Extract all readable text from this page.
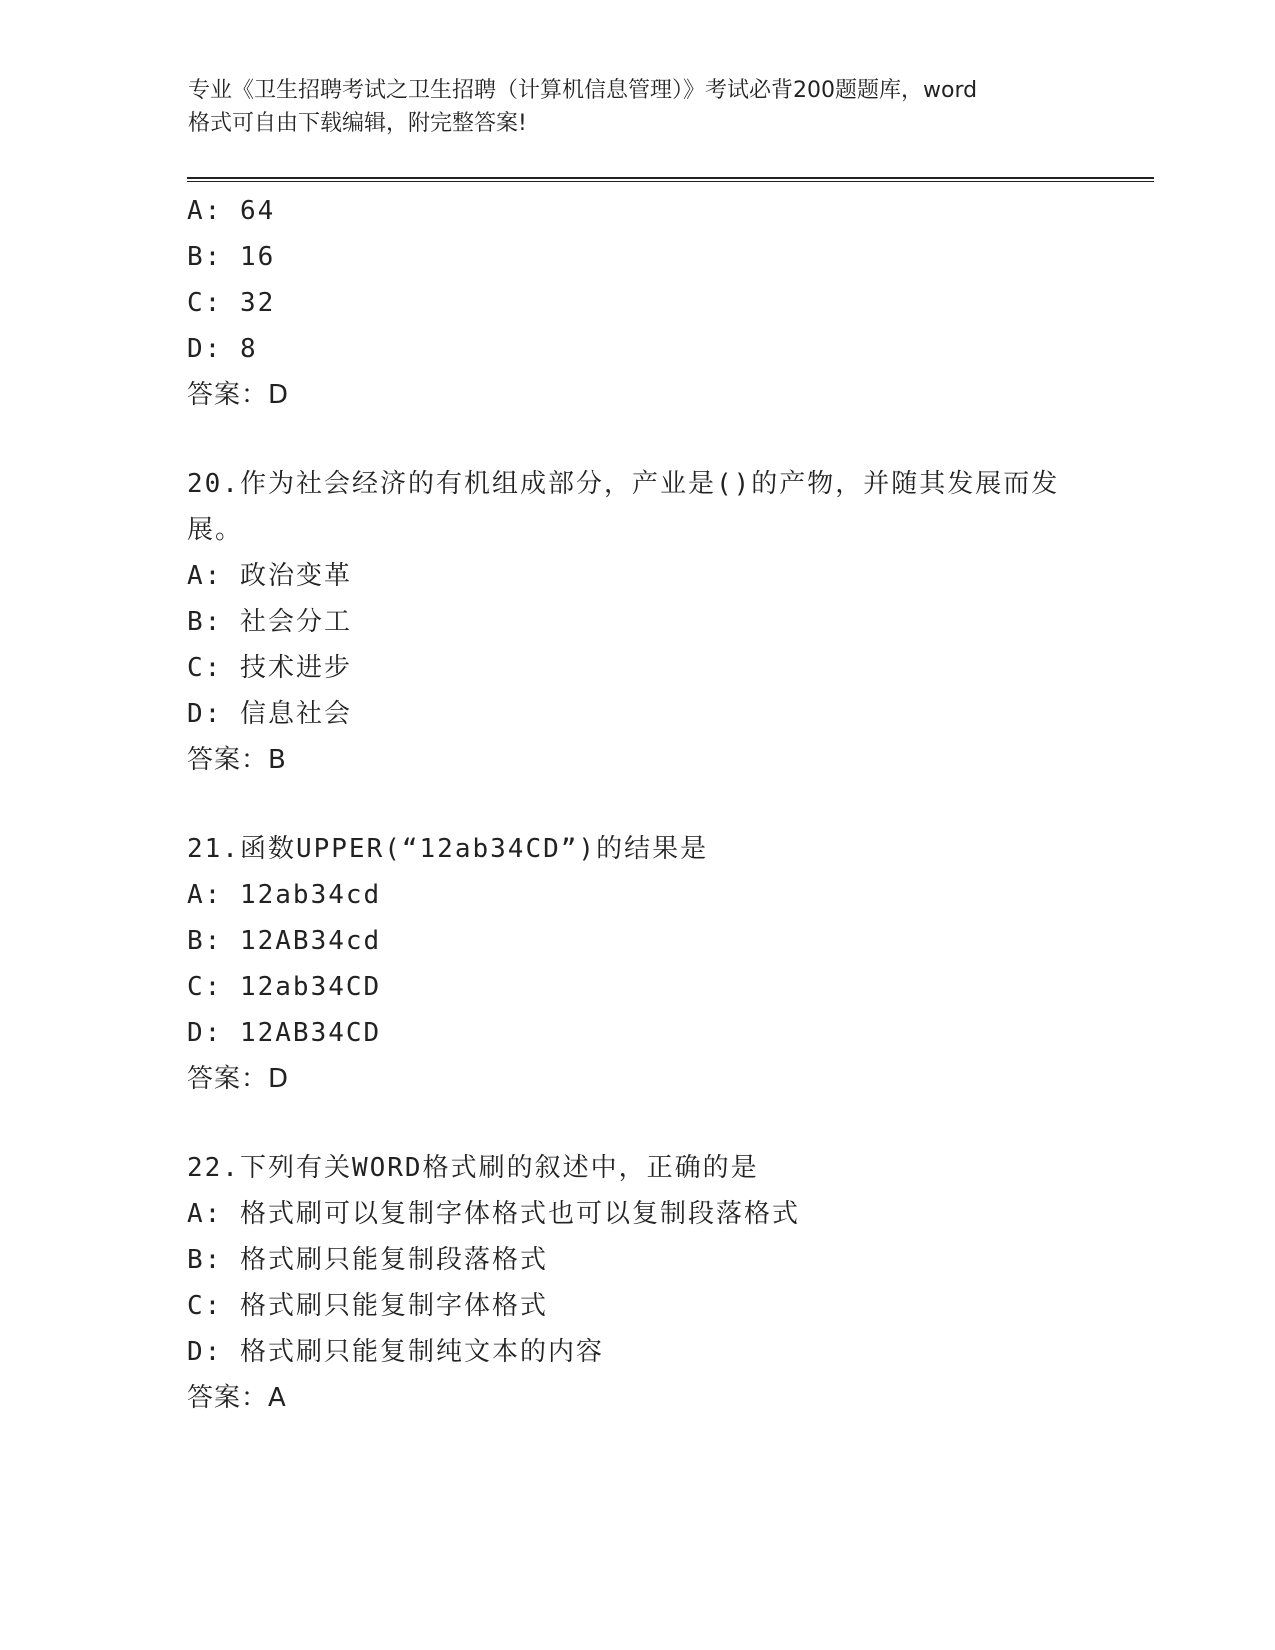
专业《卫生招聘考试之卫生招聘（计算机信息管理）》考试必背200题题库，word
格式可自由下载编辑，附完整答案!
A: 64
B: 16
C: 32
D: 8
答案：D
20.作为社会经济的有机组成部分，产业是()的产物，并随其发展而发
展。
A: 政治变革
B: 社会分工
C: 技术进步
D: 信息社会
答案：B
21.函数UPPER(“12ab34CD”)的结果是
A: 12ab34cd
B: 12AB34cd
C: 12ab34CD
D: 12AB34CD
答案：D
22.下列有关WORD格式刷的叙述中，正确的是
A: 格式刷可以复制字体格式也可以复制段落格式
B: 格式刷只能复制段落格式
C: 格式刷只能复制字体格式
D: 格式刷只能复制纯文本的内容
答案：A
